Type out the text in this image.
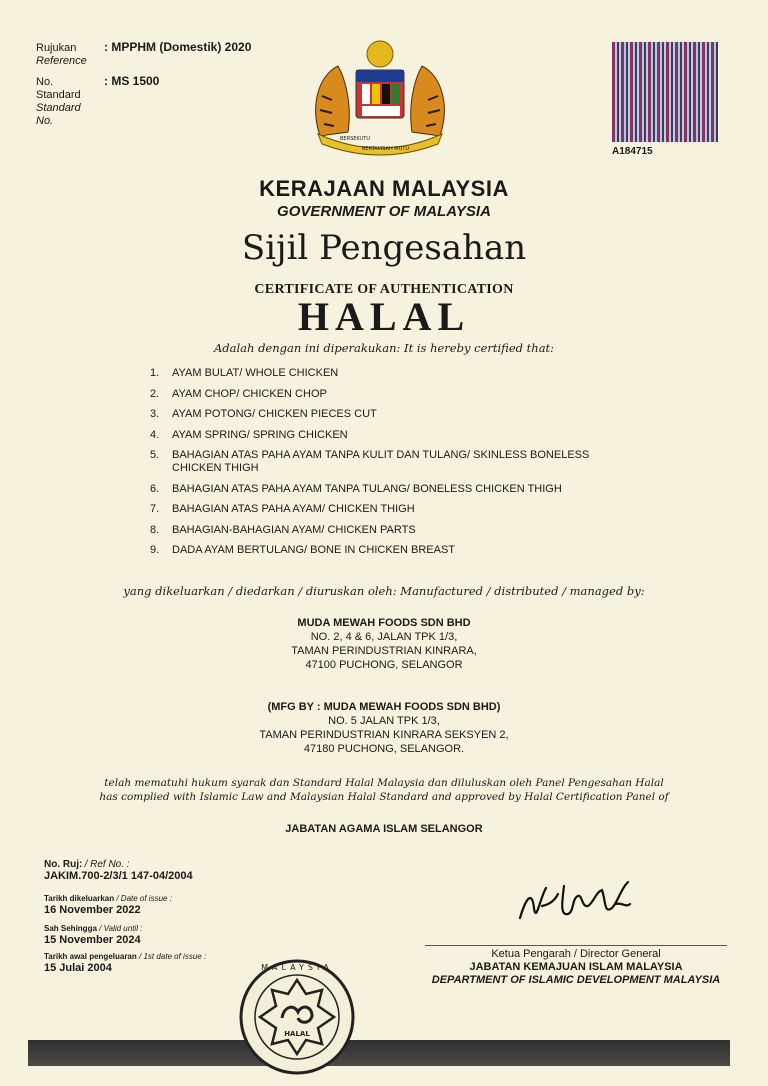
Rujukan
Reference
: MPPHM (Domestik) 2020
No.
Standard
Standard
No.
: MS 1500
BERSEKUTU
BERTAMBAH MUTU	A184715
KERAJAAN MALAYSIA
GOVERNMENT OF MALAYSIA
Sijil Pengesahan
CERTIFICATE OF AUTHENTICATION
HALAL
Adalah dengan ini diperakukan: It is hereby certified that:
1.	AYAM BULAT/ WHOLE CHICKEN
2.	AYAM CHOP/ CHICKEN CHOP
3.	AYAM POTONG/ CHICKEN PIECES CUT
4.	AYAM SPRING/ SPRING CHICKEN
5.	BAHAGIAN ATAS PAHA AYAM TANPA KULIT DAN TULANG/ SKINLESS BONELESS CHICKEN THIGH
6.	BAHAGIAN ATAS PAHA AYAM TANPA TULANG/ BONELESS CHICKEN THIGH
7.	BAHAGIAN ATAS PAHA AYAM/ CHICKEN THIGH
8.	BAHAGIAN-BAHAGIAN AYAM/ CHICKEN PARTS
9.	DADA AYAM BERTULANG/ BONE IN CHICKEN BREAST
yang dikeluarkan / diedarkan / diuruskan oleh: Manufactured / distributed / managed by:
MUDA MEWAH FOODS SDN BHD
NO. 2, 4 & 6, JALAN TPK 1/3,
TAMAN PERINDUSTRIAN KINRARA,
47100 PUCHONG, SELANGOR
(MFG BY : MUDA MEWAH FOODS SDN BHD)
NO. 5 JALAN TPK 1/3,
TAMAN PERINDUSTRIAN KINRARA SEKSYEN 2,
47180 PUCHONG, SELANGOR.
telah mematuhi hukum syarak dan Standard Halal Malaysia dan diluluskan oleh Panel Pengesahan Halal
has complied with Islamic Law and Malaysian Halal Standard and approved by Halal Certification Panel of
JABATAN AGAMA ISLAM SELANGOR
No. Ruj: / Ref No. :
JAKIM.700-2/3/1 147-04/2004
Tarikh dikeluarkan / Date of issue :
16 November 2022
Sah Sehingga / Valid until :
15 November 2024
Tarikh awal pengeluaran / 1st date of issue :
15 Julai 2004
Ketua Pengarah / Director General
JABATAN KEMAJUAN ISLAM MALAYSIA
DEPARTMENT OF ISLAMIC DEVELOPMENT MALAYSIA
HALAL
MALAYSIA
